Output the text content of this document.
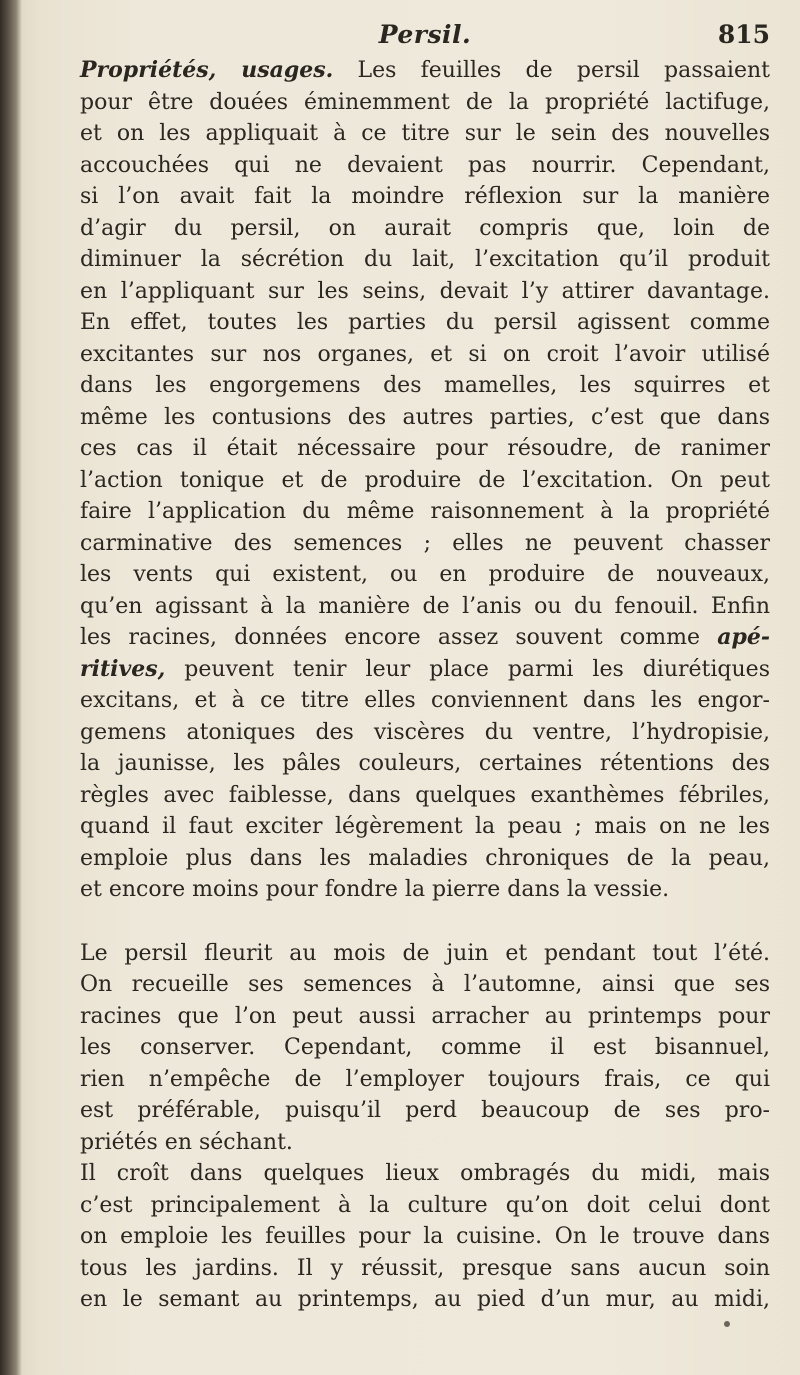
Persil.	815
Propriétés, usages. Les feuilles de persil passaient
pour être douées éminemment de la propriété lactifuge,
et on les appliquait à ce titre sur le sein des nouvelles
accouchées qui ne devaient pas nourrir. Cependant,
si l’on avait fait la moindre réflexion sur la manière
d’agir du persil, on aurait compris que, loin de
diminuer la sécrétion du lait, l’excitation qu’il produit
en l’appliquant sur les seins, devait l’y attirer davantage.
En effet, toutes les parties du persil agissent comme
excitantes sur nos organes, et si on croit l’avoir utilisé
dans les engorgemens des mamelles, les squirres et
même les contusions des autres parties, c’est que dans
ces cas il était nécessaire pour résoudre, de ranimer
l’action tonique et de produire de l’excitation. On peut
faire l’application du même raisonnement à la propriété
carminative des semences ; elles ne peuvent chasser
les vents qui existent, ou en produire de nouveaux,
qu’en agissant à la manière de l’anis ou du fenouil. Enfin
les racines, données encore assez souvent comme apé-
ritives, peuvent tenir leur place parmi les diurétiques
excitans, et à ce titre elles conviennent dans les engor-
gemens atoniques des viscères du ventre, l’hydropisie,
la jaunisse, les pâles couleurs, certaines rétentions des
règles avec faiblesse, dans quelques exanthèmes fébriles,
quand il faut exciter légèrement la peau ; mais on ne les
emploie plus dans les maladies chroniques de la peau,
et encore moins pour fondre la pierre dans la vessie.
Le persil fleurit au mois de juin et pendant tout l’été.
On recueille ses semences à l’automne, ainsi que ses
racines que l’on peut aussi arracher au printemps pour
les conserver. Cependant, comme il est bisannuel,
rien n’empêche de l’employer toujours frais, ce qui
est préférable, puisqu’il perd beaucoup de ses pro-
priétés en séchant.
Il croît dans quelques lieux ombragés du midi, mais
c’est principalement à la culture qu’on doit celui dont
on emploie les feuilles pour la cuisine. On le trouve dans
tous les jardins. Il y réussit, presque sans aucun soin
en le semant au printemps, au pied d’un mur, au midi,
